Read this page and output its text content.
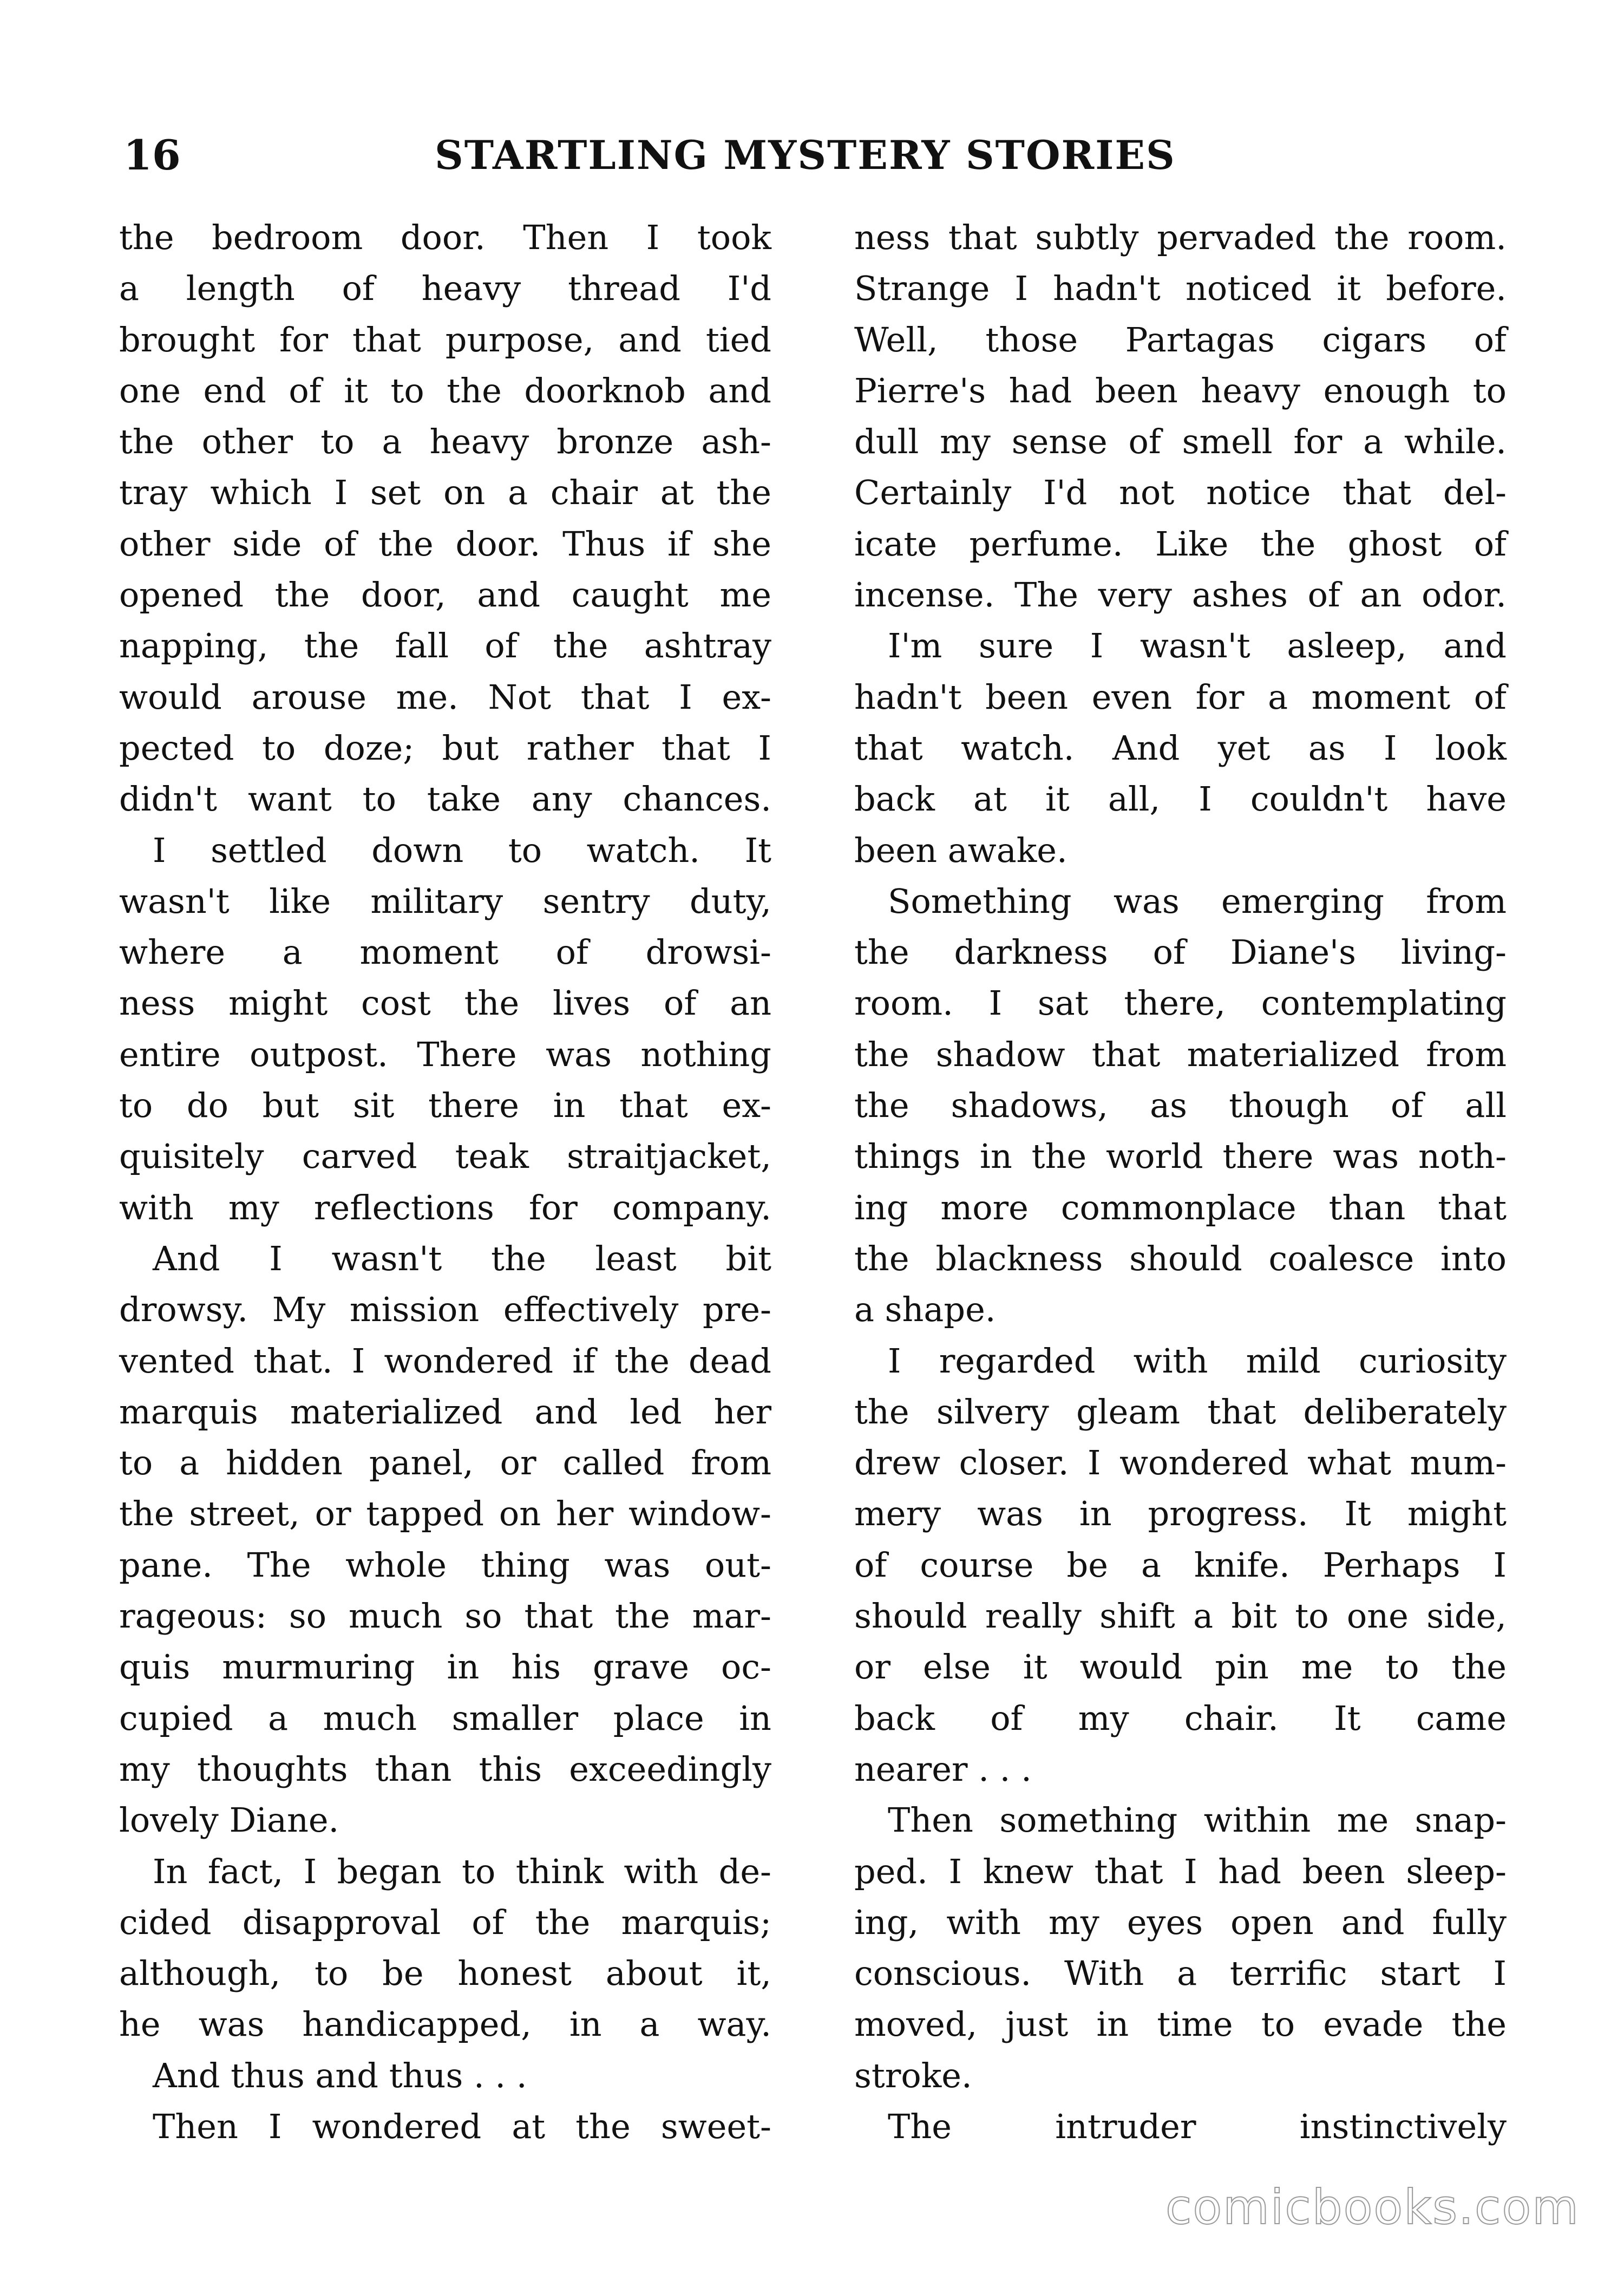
16	STARTLING MYSTERY STORIES
the bedroom door. Then I took
a length of heavy thread I'd
brought for that purpose, and tied
one end of it to the doorknob and
the other to a heavy bronze ash-
tray which I set on a chair at the
other side of the door. Thus if she
opened the door, and caught me
napping, the fall of the ashtray
would arouse me. Not that I ex-
pected to doze; but rather that I
didn't want to take any chances.
I settled down to watch. It
wasn't like military sentry duty,
where a moment of drowsi-
ness might cost the lives of an
entire outpost. There was nothing
to do but sit there in that ex-
quisitely carved teak straitjacket,
with my reflections for company.
And I wasn't the least bit
drowsy. My mission effectively pre-
vented that. I wondered if the dead
marquis materialized and led her
to a hidden panel, or called from
the street, or tapped on her window-
pane. The whole thing was out-
rageous: so much so that the mar-
quis murmuring in his grave oc-
cupied a much smaller place in
my thoughts than this exceedingly
lovely Diane.
In fact, I began to think with de-
cided disapproval of the marquis;
although, to be honest about it,
he was handicapped, in a way.
And thus and thus . . .
Then I wondered at the sweet-
ness that subtly pervaded the room.
Strange I hadn't noticed it before.
Well, those Partagas cigars of
Pierre's had been heavy enough to
dull my sense of smell for a while.
Certainly I'd not notice that del-
icate perfume. Like the ghost of
incense. The very ashes of an odor.
I'm sure I wasn't asleep, and
hadn't been even for a moment of
that watch. And yet as I look
back at it all, I couldn't have
been awake.
Something was emerging from
the darkness of Diane's living-
room. I sat there, contemplating
the shadow that materialized from
the shadows, as though of all
things in the world there was noth-
ing more commonplace than that
the blackness should coalesce into
a shape.
I regarded with mild curiosity
the silvery gleam that deliberately
drew closer. I wondered what mum-
mery was in progress. It might
of course be a knife. Perhaps I
should really shift a bit to one side,
or else it would pin me to the
back of my chair. It came
nearer . . .
Then something within me snap-
ped. I knew that I had been sleep-
ing, with my eyes open and fully
conscious. With a terrific start I
moved, just in time to evade the
stroke.
The intruder instinctively
comicbooks.com
